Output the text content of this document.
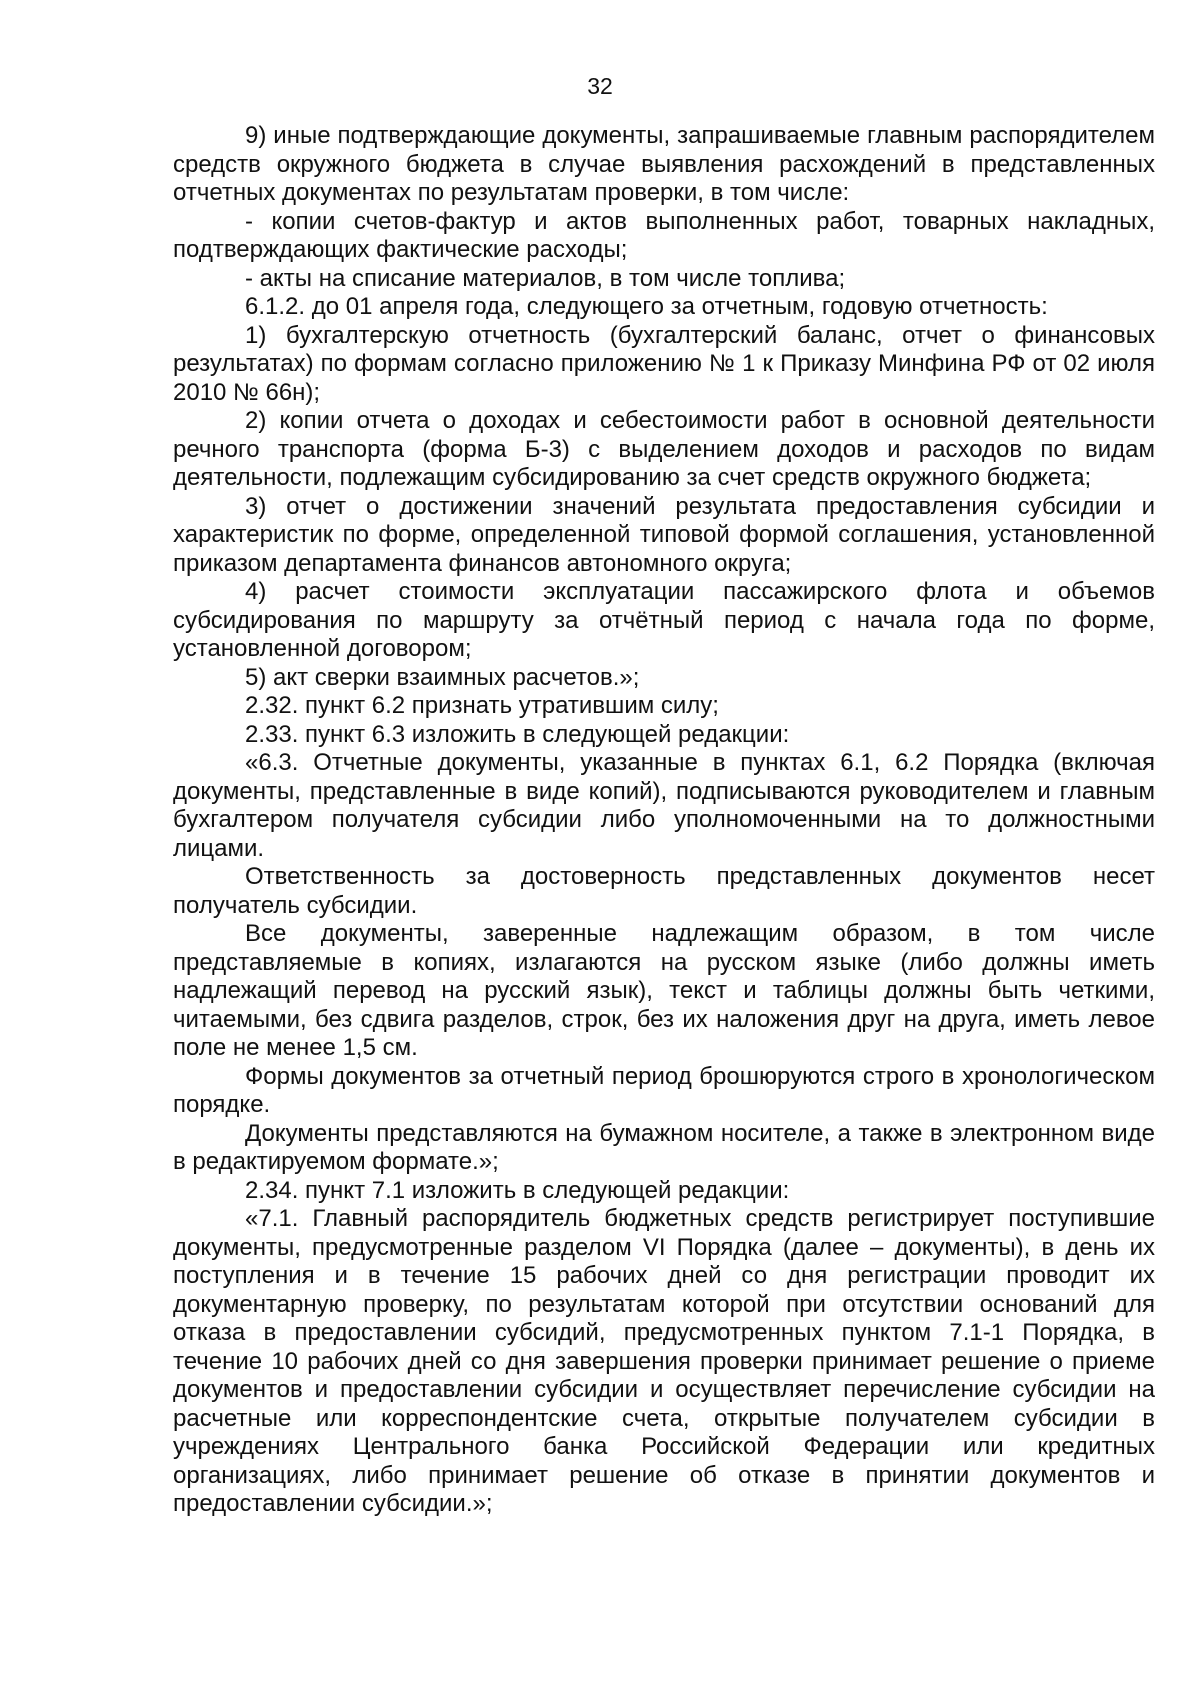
32

9) иные подтверждающие документы, запрашиваемые главным распорядителем средств окружного бюджета в случае выявления расхождений в представленных отчетных документах по результатам проверки, в том числе:

- копии счетов-фактур и актов выполненных работ, товарных накладных, подтверждающих фактические расходы;

- акты на списание материалов, в том числе топлива;

6.1.2. до 01 апреля года, следующего за отчетным, годовую отчетность:

1) бухгалтерскую отчетность (бухгалтерский баланс, отчет о финансовых результатах) по формам согласно приложению № 1 к Приказу Минфина РФ от 02 июля 2010 № 66н);

2) копии отчета о доходах и себестоимости работ в основной деятельности речного транспорта (форма Б-3) с выделением доходов и расходов по видам деятельности, подлежащим субсидированию за счет средств окружного бюджета;

3) отчет о достижении значений результата предоставления субсидии и характеристик по форме, определенной типовой формой соглашения, установленной приказом департамента финансов автономного округа;

4) расчет стоимости эксплуатации пассажирского флота и объемов субсидирования по маршруту за отчётный период с начала года по форме, установленной договором;

5) акт сверки взаимных расчетов.»;

2.32. пункт 6.2 признать утратившим силу;

2.33. пункт 6.3 изложить в следующей редакции:

«6.3. Отчетные документы, указанные в пунктах 6.1, 6.2 Порядка (включая документы, представленные в виде копий), подписываются руководителем и главным бухгалтером получателя субсидии либо уполномоченными на то должностными лицами.

Ответственность за достоверность представленных документов несет получатель субсидии.

Все документы, заверенные надлежащим образом, в том числе представляемые в копиях, излагаются на русском языке (либо должны иметь надлежащий перевод на русский язык), текст и таблицы должны быть четкими, читаемыми, без сдвига разделов, строк, без их наложения друг на друга, иметь левое поле не менее 1,5 см.

Формы документов за отчетный период брошюруются строго в хронологическом порядке.

Документы представляются на бумажном носителе, а также в электронном виде в редактируемом формате.»;

2.34. пункт 7.1 изложить в следующей редакции:

«7.1. Главный распорядитель бюджетных средств регистрирует поступившие документы, предусмотренные разделом VI Порядка (далее – документы), в день их поступления и в течение 15 рабочих дней со дня регистрации проводит их документарную проверку, по результатам которой при отсутствии оснований для отказа в предоставлении субсидий, предусмотренных пунктом 7.1-1 Порядка, в течение 10 рабочих дней со дня завершения проверки принимает решение о приеме документов и предоставлении субсидии и осуществляет перечисление субсидии на расчетные или корреспондентские счета, открытые получателем субсидии в учреждениях Центрального банка Российской Федерации или кредитных организациях, либо принимает решение об отказе в принятии документов и предоставлении субсидии.»;
